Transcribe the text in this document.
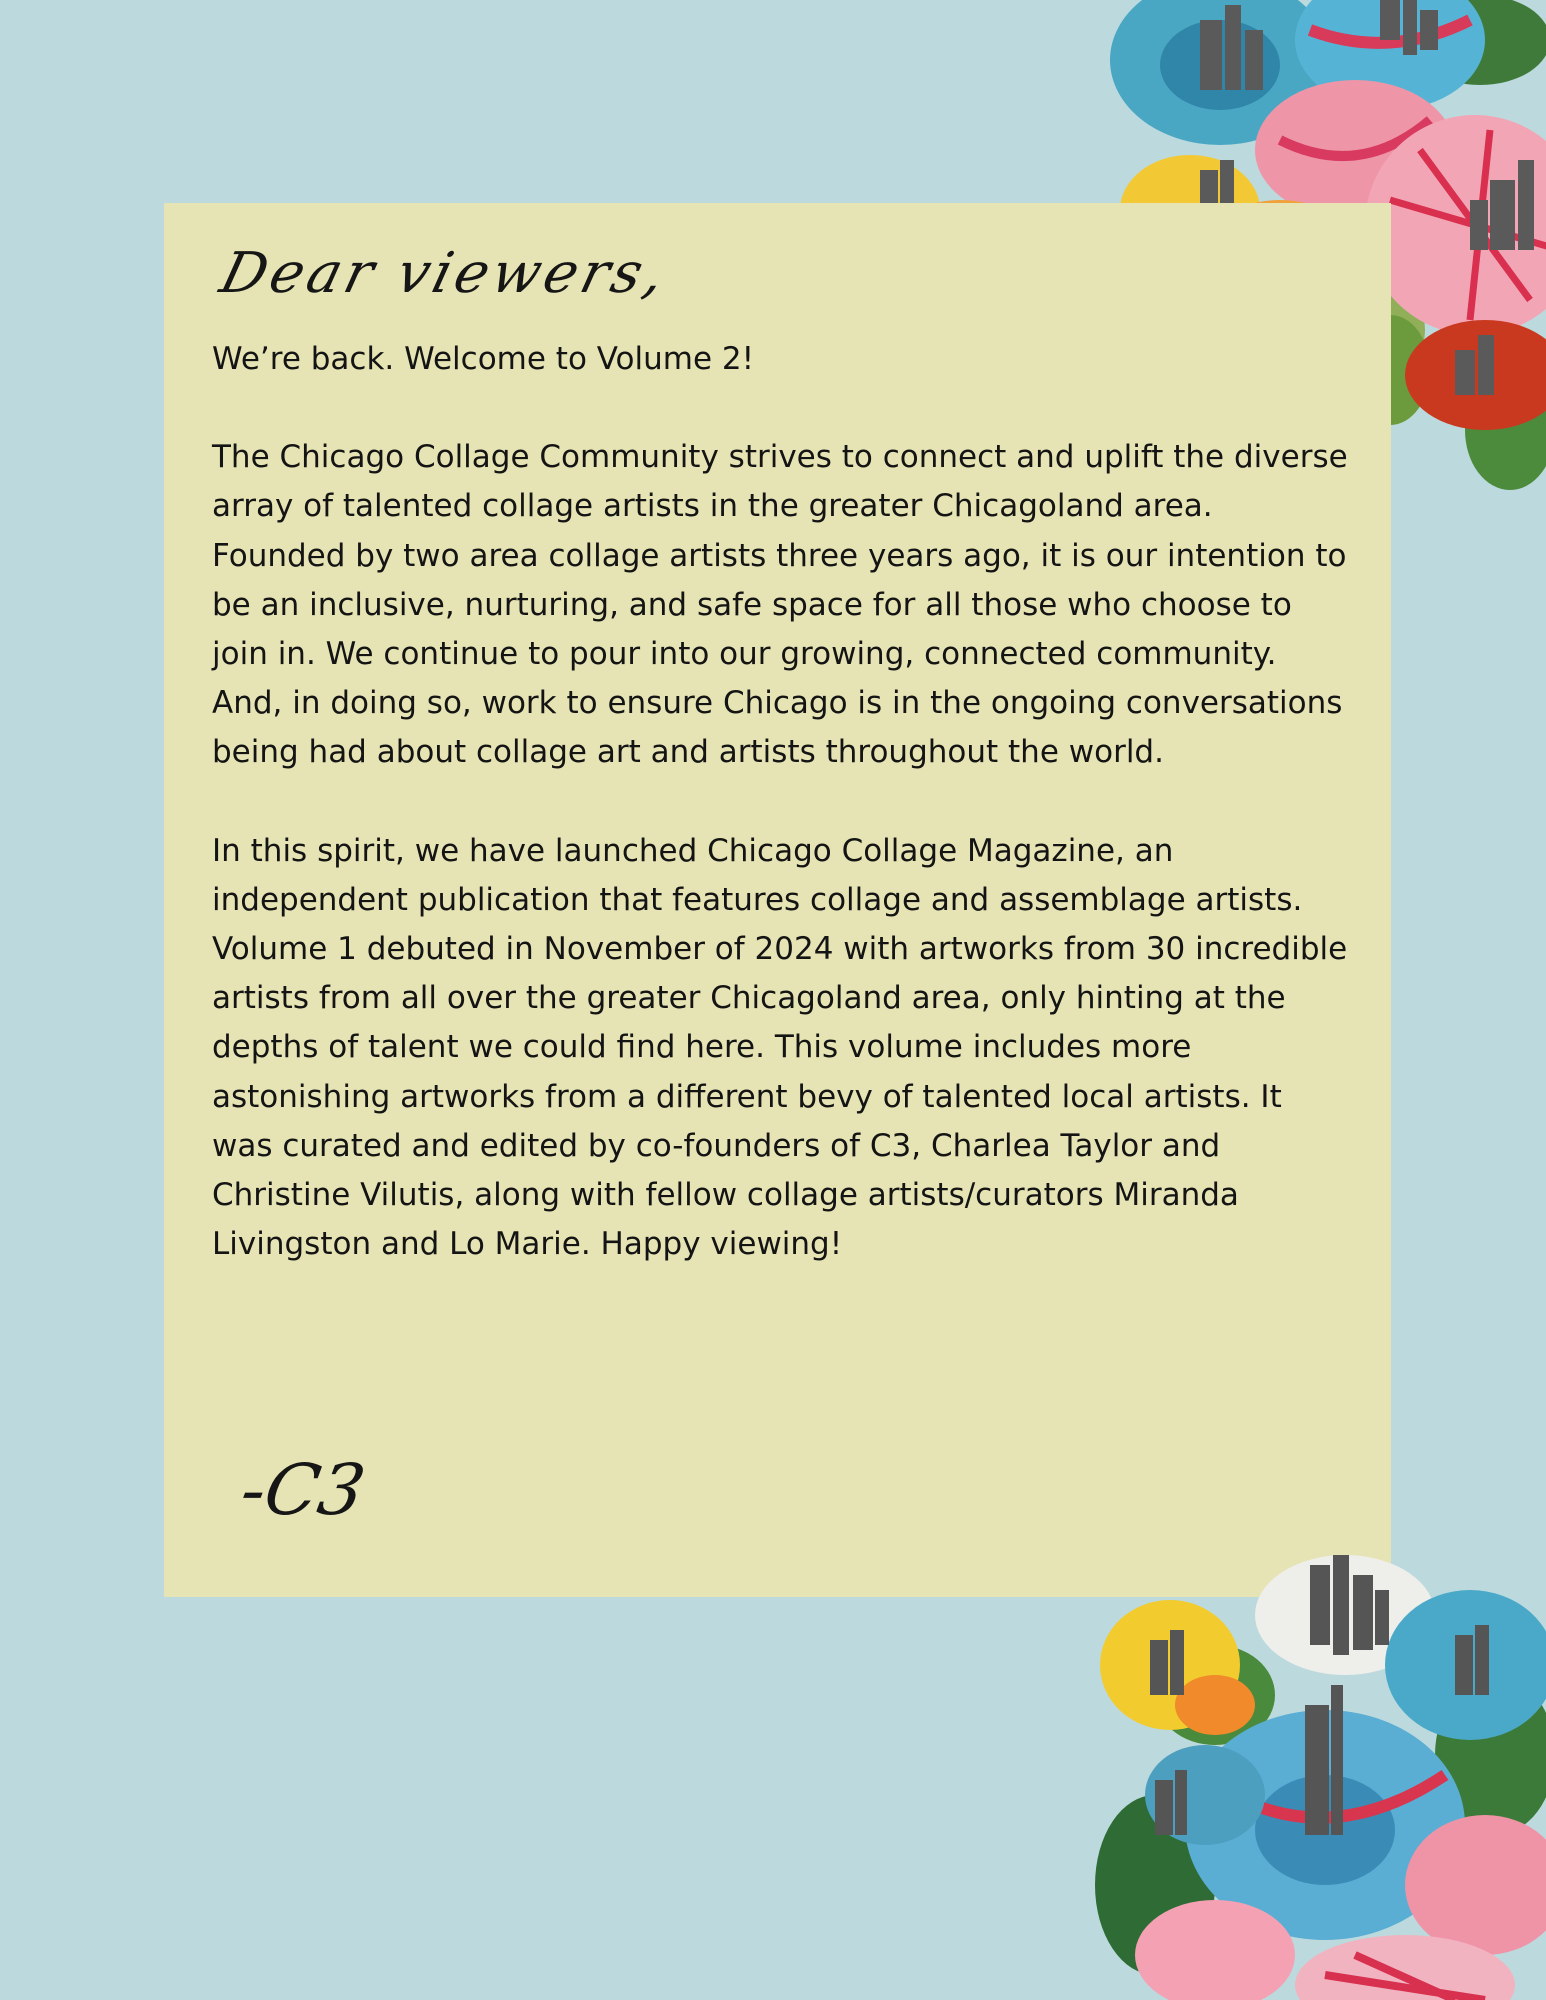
Dear viewers,

We’re back. Welcome to Volume 2!

The Chicago Collage Community strives to connect and uplift the diverse array of talented collage artists in the greater Chicagoland area. Founded by two area collage artists three years ago, it is our intention to be an inclusive, nurturing, and safe space for all those who choose to join in. We continue to pour into our growing, connected community. And, in doing so, work to ensure Chicago is in the ongoing conversations being had about collage art and artists throughout the world.

In this spirit, we have launched Chicago Collage Magazine, an independent publication that features collage and assemblage artists. Volume 1 debuted in November of 2024 with artworks from 30 incredible artists from all over the greater Chicagoland area, only hinting at the depths of talent we could find here. This volume includes more astonishing artworks from a different bevy of talented local artists. It was curated and edited by co-founders of C3, Charlea Taylor and Christine Vilutis, along with fellow collage artists/curators Miranda Livingston and Lo Marie. Happy viewing!

-C3
